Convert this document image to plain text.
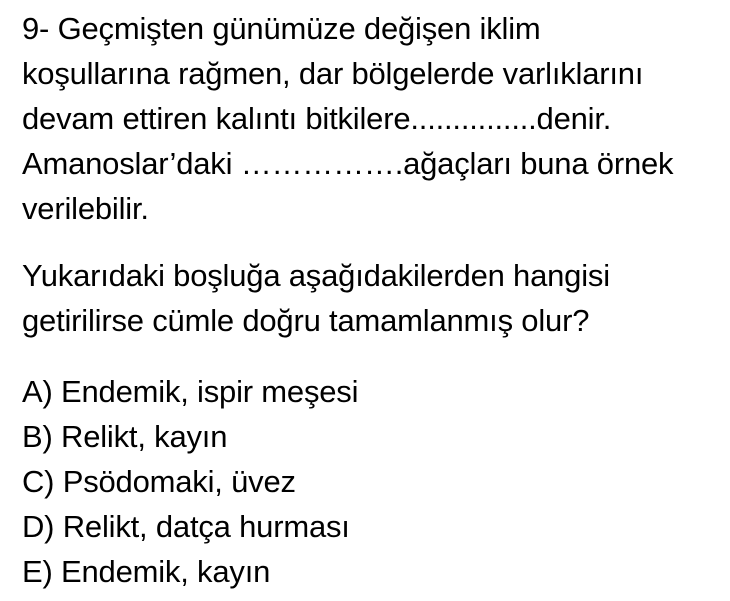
9- Geçmişten günümüze değişen iklim
koşullarına rağmen, dar bölgelerde varlıklarını
devam ettiren kalıntı bitkilere...............denir.
Amanoslar’daki …………….ağaçları buna örnek
verilebilir.
Yukarıdaki boşluğa aşağıdakilerden hangisi
getirilirse cümle doğru tamamlanmış olur?
A) Endemik, ispir meşesi
B) Relikt, kayın
C) Psödomaki, üvez
D) Relikt, datça hurması
E) Endemik, kayın
